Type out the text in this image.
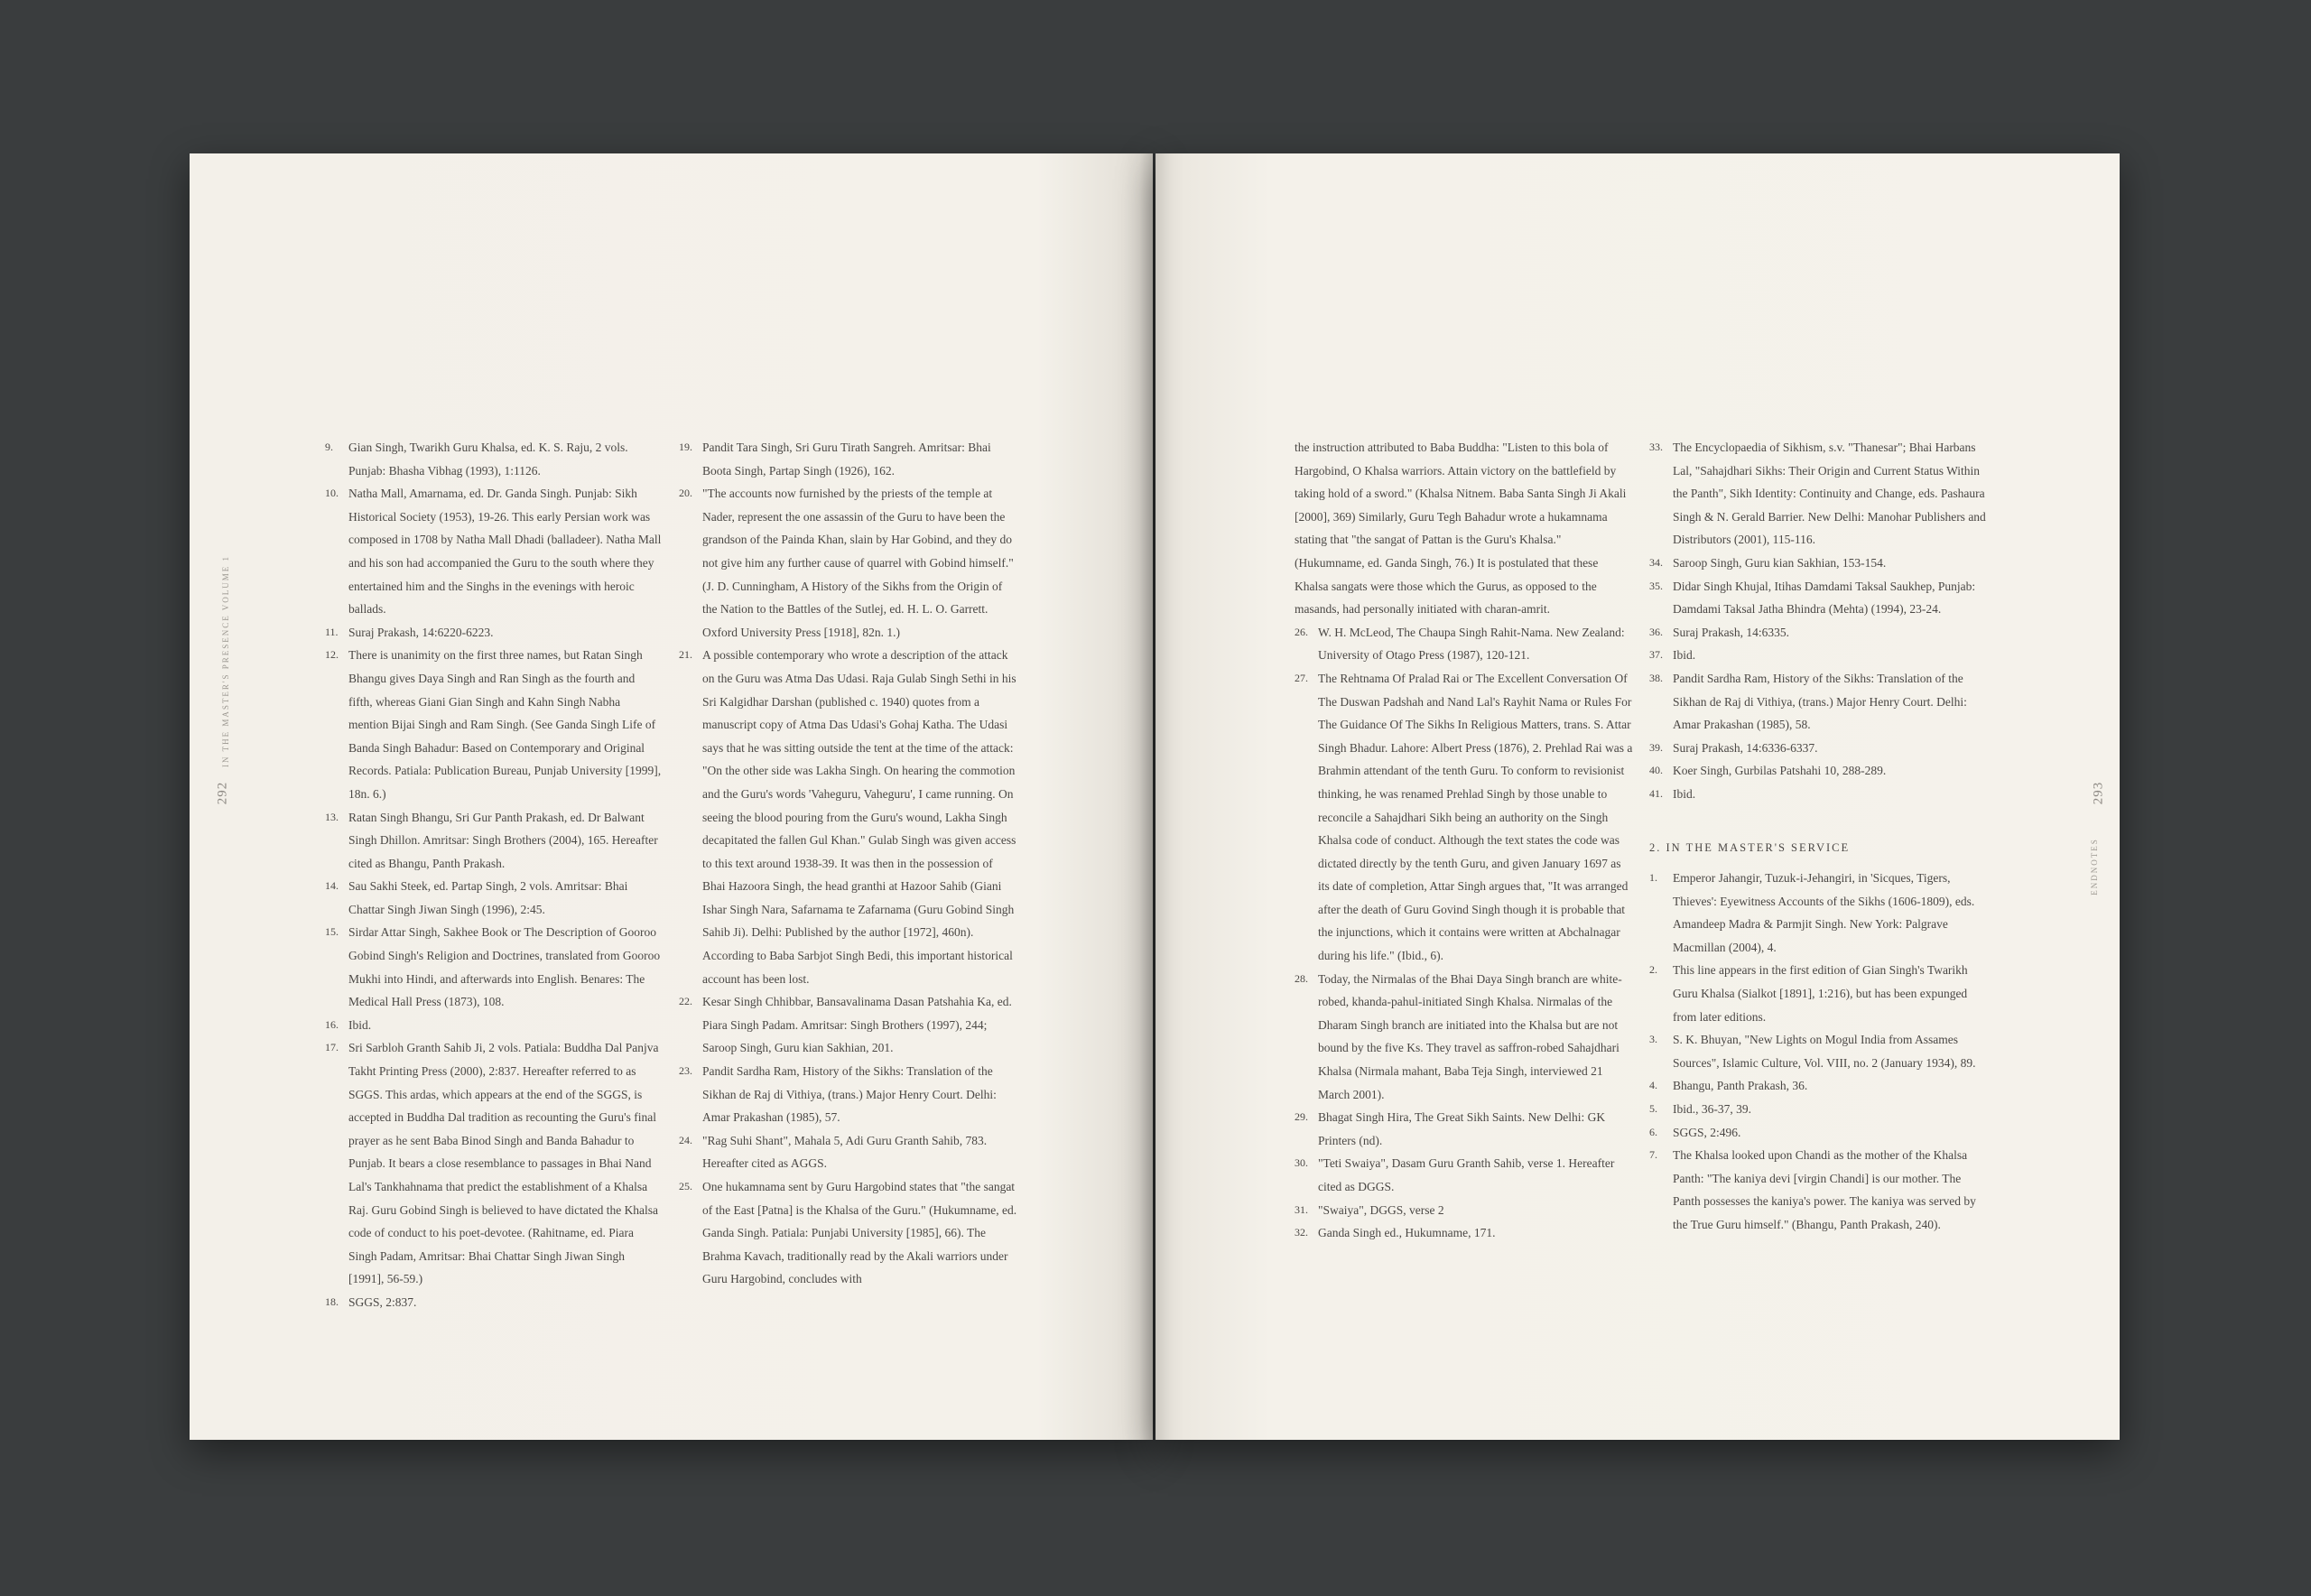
292
IN THE MASTER'S PRESENCE VOLUME 1
293
ENDNOTES

9. Gian Singh, Twarikh Guru Khalsa, ed. K. S. Raju, 2 vols. Punjab: Bhasha Vibhag (1993), 1:1126.

10. Natha Mall, Amarnama, ed. Dr. Ganda Singh. Punjab: Sikh Historical Society (1953), 19-26. This early Persian work was composed in 1708 by Natha Mall Dhadi (balladeer). Natha Mall and his son had accompanied the Guru to the south where they entertained him and the Singhs in the evenings with heroic ballads.

11. Suraj Prakash, 14:6220-6223.

12. There is unanimity on the first three names, but Ratan Singh Bhangu gives Daya Singh and Ran Singh as the fourth and fifth, whereas Giani Gian Singh and Kahn Singh Nabha mention Bijai Singh and Ram Singh. (See Ganda Singh Life of Banda Singh Bahadur: Based on Contemporary and Original Records. Patiala: Publication Bureau, Punjab University [1999], 18n. 6.)

13. Ratan Singh Bhangu, Sri Gur Panth Prakash, ed. Dr Balwant Singh Dhillon. Amritsar: Singh Brothers (2004), 165. Hereafter cited as Bhangu, Panth Prakash.

14. Sau Sakhi Steek, ed. Partap Singh, 2 vols. Amritsar: Bhai Chattar Singh Jiwan Singh (1996), 2:45.

15. Sirdar Attar Singh, Sakhee Book or The Description of Gooroo Gobind Singh's Religion and Doctrines, translated from Gooroo Mukhi into Hindi, and afterwards into English. Benares: The Medical Hall Press (1873), 108.

16. Ibid.

17. Sri Sarbloh Granth Sahib Ji, 2 vols. Patiala: Buddha Dal Panjva Takht Printing Press (2000), 2:837. Hereafter referred to as SGGS. This ardas, which appears at the end of the SGGS, is accepted in Buddha Dal tradition as recounting the Guru's final prayer as he sent Baba Binod Singh and Banda Bahadur to Punjab. It bears a close resemblance to passages in Bhai Nand Lal's Tankhahnama that predict the establishment of a Khalsa Raj. Guru Gobind Singh is believed to have dictated the Khalsa code of conduct to his poet-devotee. (Rahitname, ed. Piara Singh Padam, Amritsar: Bhai Chattar Singh Jiwan Singh [1991], 56-59.)

18. SGGS, 2:837.

19. Pandit Tara Singh, Sri Guru Tirath Sangreh. Amritsar: Bhai Boota Singh, Partap Singh (1926), 162.

20. "The accounts now furnished by the priests of the temple at Nader, represent the one assassin of the Guru to have been the grandson of the Painda Khan, slain by Har Gobind, and they do not give him any further cause of quarrel with Gobind himself." (J. D. Cunningham, A History of the Sikhs from the Origin of the Nation to the Battles of the Sutlej, ed. H. L. O. Garrett. Oxford University Press [1918], 82n. 1.)

21. A possible contemporary who wrote a description of the attack on the Guru was Atma Das Udasi. Raja Gulab Singh Sethi in his Sri Kalgidhar Darshan (published c. 1940) quotes from a manuscript copy of Atma Das Udasi's Gohaj Katha. The Udasi says that he was sitting outside the tent at the time of the attack: "On the other side was Lakha Singh. On hearing the commotion and the Guru's words 'Vaheguru, Vaheguru', I came running. On seeing the blood pouring from the Guru's wound, Lakha Singh decapitated the fallen Gul Khan." Gulab Singh was given access to this text around 1938-39. It was then in the possession of Bhai Hazoora Singh, the head granthi at Hazoor Sahib (Giani Ishar Singh Nara, Safarnama te Zafarnama (Guru Gobind Singh Sahib Ji). Delhi: Published by the author [1972], 460n). According to Baba Sarbjot Singh Bedi, this important historical account has been lost.

22. Kesar Singh Chhibbar, Bansavalinama Dasan Patshahia Ka, ed. Piara Singh Padam. Amritsar: Singh Brothers (1997), 244; Saroop Singh, Guru kian Sakhian, 201.

23. Pandit Sardha Ram, History of the Sikhs: Translation of the Sikhan de Raj di Vithiya, (trans.) Major Henry Court. Delhi: Amar Prakashan (1985), 57.

24. "Rag Suhi Shant", Mahala 5, Adi Guru Granth Sahib, 783. Hereafter cited as AGGS.

25. One hukamnama sent by Guru Hargobind states that "the sangat of the East [Patna] is the Khalsa of the Guru." (Hukumname, ed. Ganda Singh. Patiala: Punjabi University [1985], 66). The Brahma Kavach, traditionally read by the Akali warriors under Guru Hargobind, concludes with

the instruction attributed to Baba Buddha: "Listen to this bola of Hargobind, O Khalsa warriors. Attain victory on the battlefield by taking hold of a sword." (Khalsa Nitnem. Baba Santa Singh Ji Akali [2000], 369) Similarly, Guru Tegh Bahadur wrote a hukamnama stating that "the sangat of Pattan is the Guru's Khalsa." (Hukumname, ed. Ganda Singh, 76.) It is postulated that these Khalsa sangats were those which the Gurus, as opposed to the masands, had personally initiated with charan-amrit.

26. W. H. McLeod, The Chaupa Singh Rahit-Nama. New Zealand: University of Otago Press (1987), 120-121.

27. The Rehtnama Of Pralad Rai or The Excellent Conversation Of The Duswan Padshah and Nand Lal's Rayhit Nama or Rules For The Guidance Of The Sikhs In Religious Matters, trans. S. Attar Singh Bhadur. Lahore: Albert Press (1876), 2. Prehlad Rai was a Brahmin attendant of the tenth Guru. To conform to revisionist thinking, he was renamed Prehlad Singh by those unable to reconcile a Sahajdhari Sikh being an authority on the Singh Khalsa code of conduct. Although the text states the code was dictated directly by the tenth Guru, and given January 1697 as its date of completion, Attar Singh argues that, "It was arranged after the death of Guru Govind Singh though it is probable that the injunctions, which it contains were written at Abchalnagar during his life." (Ibid., 6).

28. Today, the Nirmalas of the Bhai Daya Singh branch are white-robed, khanda-pahul-initiated Singh Khalsa. Nirmalas of the Dharam Singh branch are initiated into the Khalsa but are not bound by the five Ks. They travel as saffron-robed Sahajdhari Khalsa (Nirmala mahant, Baba Teja Singh, interviewed 21 March 2001).

29. Bhagat Singh Hira, The Great Sikh Saints. New Delhi: GK Printers (nd).

30. "Teti Swaiya", Dasam Guru Granth Sahib, verse 1. Hereafter cited as DGGS.

31. "Swaiya", DGGS, verse 2

32. Ganda Singh ed., Hukumname, 171.

33. The Encyclopaedia of Sikhism, s.v. "Thanesar"; Bhai Harbans Lal, "Sahajdhari Sikhs: Their Origin and Current Status Within the Panth", Sikh Identity: Continuity and Change, eds. Pashaura Singh & N. Gerald Barrier. New Delhi: Manohar Publishers and Distributors (2001), 115-116.

34. Saroop Singh, Guru kian Sakhian, 153-154.

35. Didar Singh Khujal, Itihas Damdami Taksal Saukhep, Punjab: Damdami Taksal Jatha Bhindra (Mehta) (1994), 23-24.

36. Suraj Prakash, 14:6335.

37. Ibid.

38. Pandit Sardha Ram, History of the Sikhs: Translation of the Sikhan de Raj di Vithiya, (trans.) Major Henry Court. Delhi: Amar Prakashan (1985), 58.

39. Suraj Prakash, 14:6336-6337.

40. Koer Singh, Gurbilas Patshahi 10, 288-289.

41. Ibid.

2. IN THE MASTER'S SERVICE

1. Emperor Jahangir, Tuzuk-i-Jehangiri, in 'Sicques, Tigers, Thieves': Eyewitness Accounts of the Sikhs (1606-1809), eds. Amandeep Madra & Parmjit Singh. New York: Palgrave Macmillan (2004), 4.

2. This line appears in the first edition of Gian Singh's Twarikh Guru Khalsa (Sialkot [1891], 1:216), but has been expunged from later editions.

3. S. K. Bhuyan, "New Lights on Mogul India from Assames Sources", Islamic Culture, Vol. VIII, no. 2 (January 1934), 89.

4. Bhangu, Panth Prakash, 36.

5. Ibid., 36-37, 39.

6. SGGS, 2:496.

7. The Khalsa looked upon Chandi as the mother of the Khalsa Panth: "The kaniya devi [virgin Chandi] is our mother. The Panth possesses the kaniya's power. The kaniya was served by the True Guru himself." (Bhangu, Panth Prakash, 240).
